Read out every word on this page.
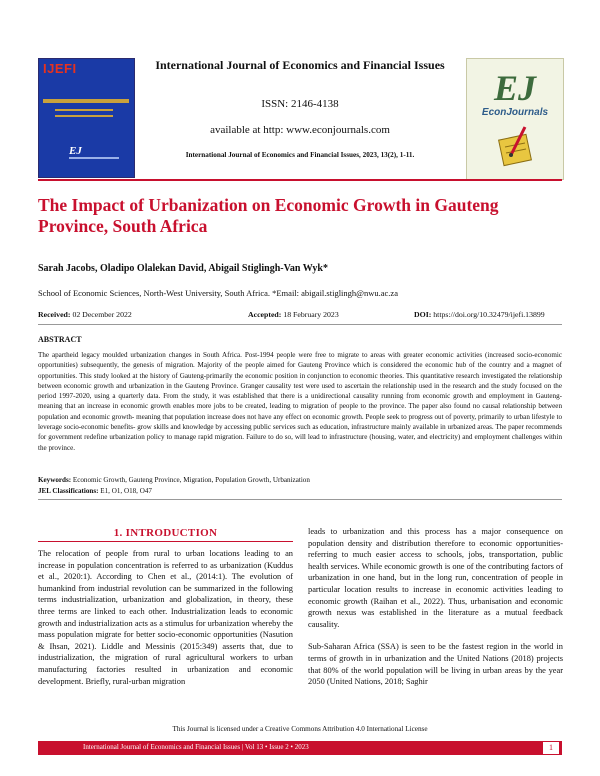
IJEFI
EJ
International Journal of Economics and Financial Issues
ISSN: 2146-4138
available at http: www.econjournals.com
International Journal of Economics and Financial Issues, 2023, 13(2), 1-11.
EJ
EconJournals
The Impact of Urbanization on Economic Growth in Gauteng Province, South Africa
Sarah Jacobs, Oladipo Olalekan David, Abigail Stiglingh-Van Wyk*
School of Economic Sciences, North-West University, South Africa. *Email: abigail.stiglingh@nwu.ac.za
Received: 02 December 2022	Accepted: 18 February 2023	DOI: https://doi.org/10.32479/ijefi.13899
ABSTRACT
The apartheid legacy moulded urbanization changes in South Africa. Post-1994 people were free to migrate to areas with greater economic activities (increased socio-economic opportunities) subsequently, the genesis of migration. Majority of the people aimed for Gauteng Province which is considered the economic hub of the country and a magnet of opportunities. This study looked at the history of Gauteng-primarily the economic position in conjunction to economic theories. This quantitative research investigated the relationship between economic growth and urbanization in the Gauteng Province. Granger causality test were used to ascertain the relationship used in the research and the study focused on the period 1997-2020, using a quarterly data. From the study, it was established that there is a unidirectional causality running from economic growth and employment in Gauteng- meaning that an increase in economic growth enables more jobs to be created, leading to migration of people to the province. The paper also found no causal relationship between population and economic growth- meaning that population increase does not have any effect on economic growth. People seek to progress out of poverty, primarily to urban lifestyle to leverage socio-economic benefits- grow skills and knowledge by accessing public services such as education, infrastructure mainly available in urbanized areas. The paper recommends for government redefine urbanization policy to manage rapid migration. Failure to do so, will lead to infrastructure (housing, water, and electricity) and employment challenges within the province.
Keywords: Economic Growth, Gauteng Province, Migration, Population Growth, Urbanization
JEL Classifications: E1, O1, O18, O47
1. INTRODUCTION

The relocation of people from rural to urban locations leading to an increase in population concentration is referred to as urbanization (Kuddus et al., 2020:1). According to Chen et al., (2014:1). The evolution of humankind from industrial revolution can be summarized in the following terms industrialization, urbanization and globalization, in theory, these three terms are linked to each other. Industrialization leads to economic growth and industrialization acts as a stimulus for urbanization whereby the mass population migrate for better socio-economic opportunities (Nasution & Ihsan, 2021). Liddle and Messinis (2015:349) asserts that, due to industrialization, the migration of rural agricultural workers to urban manufacturing factories resulted in urbanization and economic development. Briefly, rural-urban migration

leads to urbanization and this process has a major consequence on population density and distribution therefore to economic opportunities- referring to much easier access to schools, jobs, transportation, public health services. While economic growth is one of the contributing factors of urbanization in one hand, but in the long run, concentration of people in particular location results to increase in economic activities leading to economic growth (Raihan et al., 2022). Thus, urbanisation and economic growth nexus was established in the literature as a mutual feedback causality.

Sub-Saharan Africa (SSA) is seen to be the fastest region in the world in terms of growth in in urbanization and the United Nations (2018) projects that 80% of the world population will be living in urban areas by the year 2050 (United Nations, 2018; Saghir

This Journal is licensed under a Creative Commons Attribution 4.0 International License
International Journal of Economics and Financial Issues | Vol 13 • Issue 2 • 2023	1
